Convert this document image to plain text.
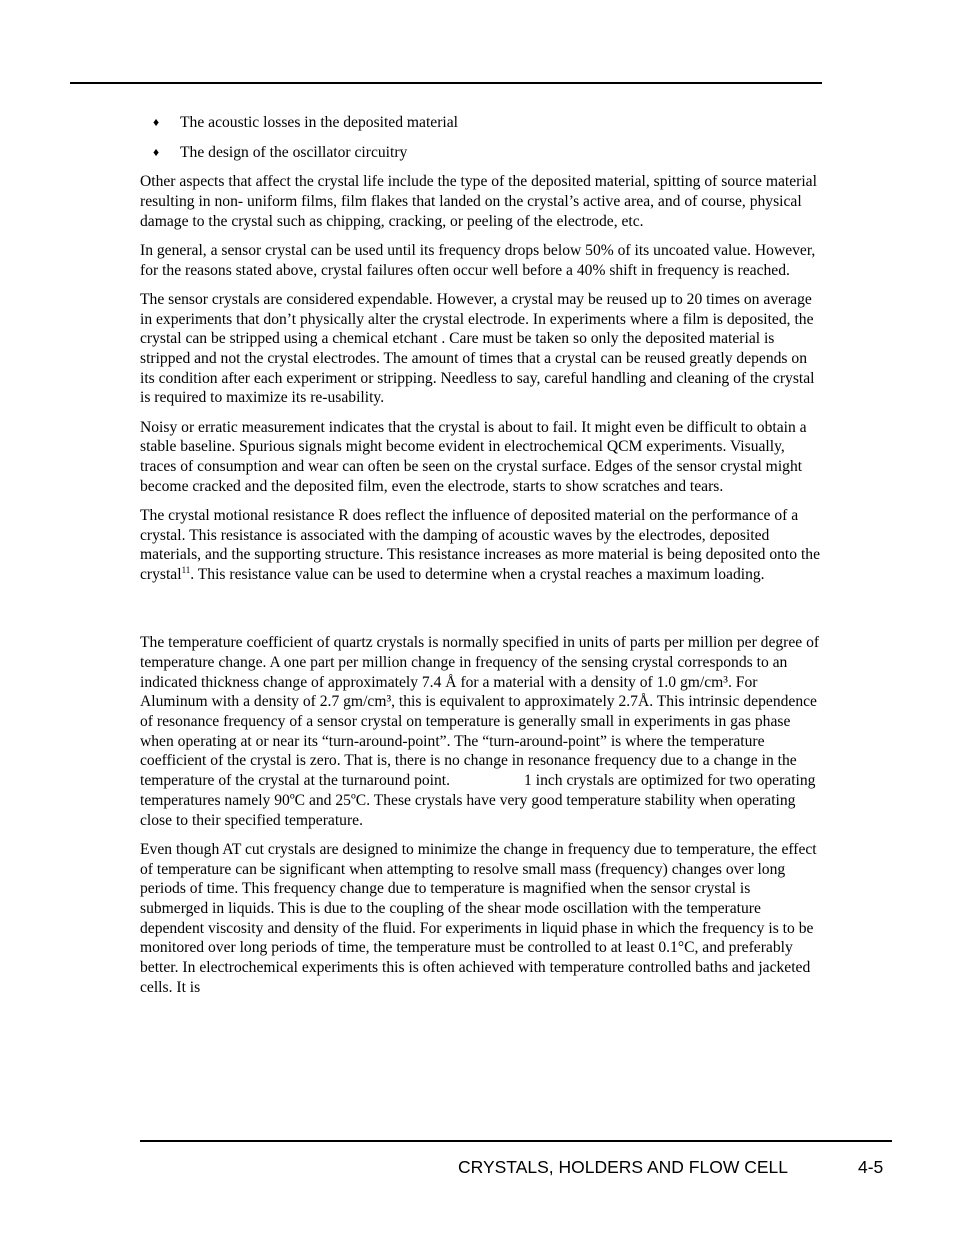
♦ The acoustic losses in the deposited material
♦ The design of the oscillator circuitry

Other aspects that affect the crystal life include the type of the deposited material, spitting of source material resulting in non- uniform films, film flakes that landed on the crystal’s active area, and of course, physical damage to the crystal such as chipping, cracking, or peeling of the electrode, etc.

In general, a sensor crystal can be used until its frequency drops below 50% of its uncoated value. However, for the reasons stated above, crystal failures often occur well before a 40% shift in frequency is reached.

The sensor crystals are considered expendable. However, a crystal may be reused up to 20 times on average in experiments that don’t physically alter the crystal electrode. In experiments where a film is deposited, the crystal can be stripped using a chemical etchant . Care must be taken so only the deposited material is stripped and not the crystal electrodes. The amount of times that a crystal can be reused greatly depends on its condition after each experiment or stripping. Needless to say, careful handling and cleaning of the crystal is required to maximize its re-usability.

Noisy or erratic measurement indicates that the crystal is about to fail. It might even be difficult to obtain a stable baseline. Spurious signals might become evident in electrochemical QCM experiments. Visually, traces of consumption and wear can often be seen on the crystal surface. Edges of the sensor crystal might become cracked and the deposited film, even the electrode, starts to show scratches and tears.

The crystal motional resistance R does reflect the influence of deposited material on the performance of a crystal. This resistance is associated with the damping of acoustic waves by the electrodes, deposited materials, and the supporting structure. This resistance increases as more material is being deposited onto the crystal$^{11}$. This resistance value can be used to determine when a crystal reaches a maximum loading.

The temperature coefficient of quartz crystals is normally specified in units of parts per million per degree of temperature change. A one part per million change in frequency of the sensing crystal corresponds to an indicated thickness change of approximately 7.4 Å for a material with a density of 1.0 gm/cm³. For Aluminum with a density of 2.7 gm/cm³, this is equivalent to approximately 2.7Å. This intrinsic dependence of resonance frequency of a sensor crystal on temperature is generally small in experiments in gas phase when operating at or near its “turn-around-point”. The “turn-around-point” is where the temperature coefficient of the crystal is zero. That is, there is no change in resonance frequency due to a change in the temperature of the crystal at the turnaround point.	1 inch crystals are optimized for two operating temperatures namely 90ºC and 25ºC. These crystals have very good temperature stability when operating close to their specified temperature.

Even though AT cut crystals are designed to minimize the change in frequency due to temperature, the effect of temperature can be significant when attempting to resolve small mass (frequency) changes over long periods of time. This frequency change due to temperature is magnified when the sensor crystal is submerged in liquids. This is due to the coupling of the shear mode oscillation with the temperature dependent viscosity and density of the fluid. For experiments in liquid phase in which the frequency is to be monitored over long periods of time, the temperature must be controlled to at least 0.1°C, and preferably better. In electrochemical experiments this is often achieved with temperature controlled baths and jacketed cells. It is

CRYSTALS, HOLDERS AND FLOW CELL	4-5
